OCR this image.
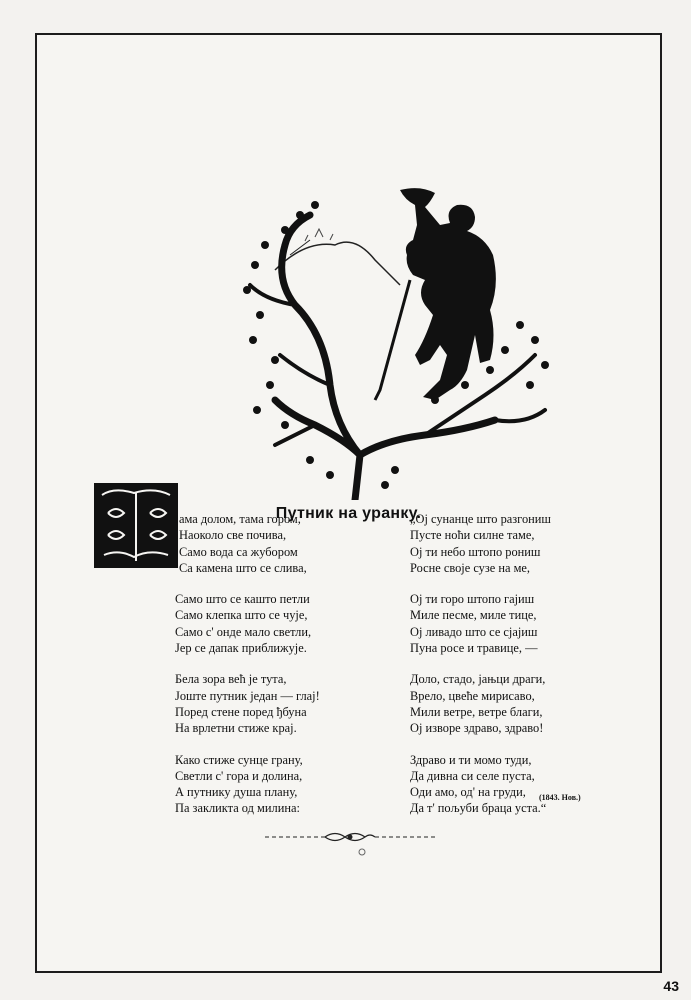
Путник на уранку.
ама долом, тама гором,
Наоколо све почива,
Само вода са жубором
Са камена што се слива,
Само што се кашто петли
Само клепка што се чује,
Само с' онде мало светли,
Јер се дапак приближује.
Бела зора већ је тута,
Јоште путник један — глај!
Поред стене поред ђбуна
На врлетни стиже крај.
Како стиже сунце грану,
Светли с' гора и долина,
А путнику душа плану,
Па закликта од милина:
„Ој сунанце што разгониш
Пусте ноћи силне таме,
Ој ти небо штопо рониш
Росне своје сузе на ме,
Ој ти горо штопо гајиш
Миле песме, миле тице,
Ој ливадо што се сјајиш
Пуна росе и травице, —
Доло, стадо, јањци драги,
Врело, цвеће мирисаво,
Мили ветре, ветре благи,
Ој изворе здраво, здраво!
Здраво и ти момо туди,
Да дивна си селе пуста,
Оди амо, од' на груди,
Да т' пољуби браца уста.“
(1843. Нов.)
43
